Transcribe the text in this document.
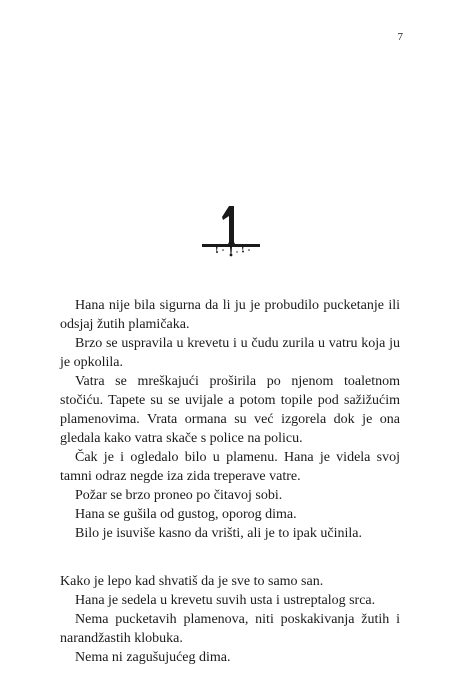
7

Hana nije bila sigurna da li ju je probudilo pucketanje ili odsjaj žutih plamičaka.

Brzo se uspravila u krevetu i u čudu zurila u vatru koja ju je opkolila.

Vatra se mreškajući proširila po njenom toaletnom stočiću. Tapete su se uvijale a potom topile pod sažižućim plamenovima. Vrata ormana su već izgorela dok je ona gledala kako vatra skače s police na policu.

Čak je i ogledalo bilo u plamenu. Hana je videla svoj tamni odraz negde iza zida treperave vatre.

Požar se brzo proneo po čitavoj sobi.

Hana se gušila od gustog, oporog dima.

Bilo je isuviše kasno da vrišti, ali je to ipak učinila.

Kako je lepo kad shvatiš da je sve to samo san.

Hana je sedela u krevetu suvih usta i ustreptalog srca.

Nema pucketavih plamenova, niti poskakivanja žutih i narandžastih klobuka.

Nema ni zagušujućeg dima.
